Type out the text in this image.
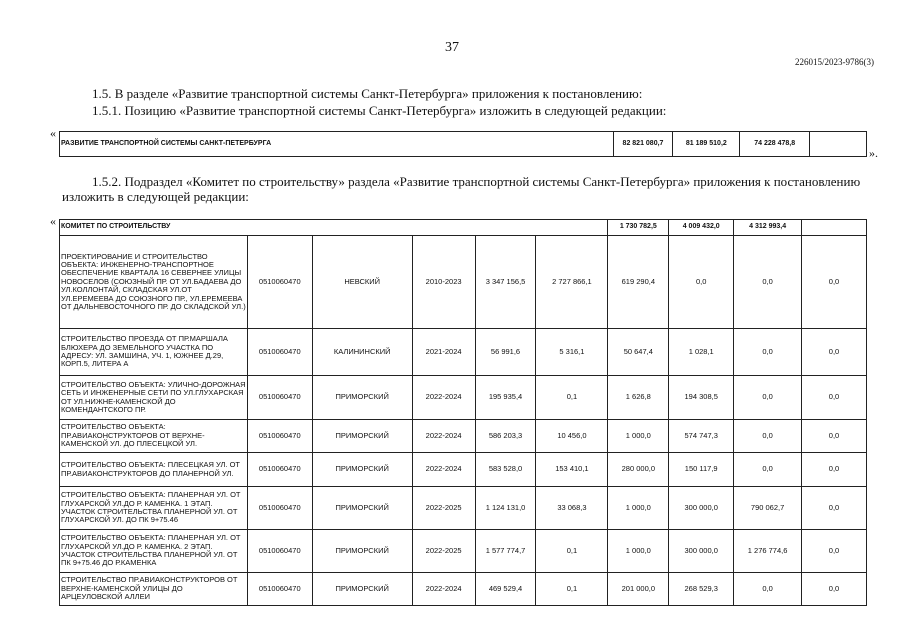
37
226015/2023-9786(3)
1.5. В разделе «Развитие транспортной системы Санкт-Петербурга» приложения к постановлению:
1.5.1. Позицию «Развитие транспортной системы Санкт-Петербурга» изложить в следующей редакции:
«
РАЗВИТИЕ ТРАНСПОРТНОЙ СИСТЕМЫ САНКТ-ПЕТЕРБУРГА	82 821 080,7	81 189 510,2	74 228 478,8	
».
1.5.2. Подраздел «Комитет по строительству» раздела «Развитие транспортной системы Санкт-Петербурга» приложения к постановлению
изложить в следующей редакции:
« КОМИТЕТ ПО СТРОИТЕЛЬСТВУ						1 730 782,5	4 009 432,0	4 312 993,4	
ПРОЕКТИРОВАНИЕ И СТРОИТЕЛЬСТВО ОБЪЕКТА: ИНЖЕНЕРНО-ТРАНСПОРТНОЕ ОБЕСПЕЧЕНИЕ КВАРТАЛА 16 СЕВЕРНЕЕ УЛИЦЫ НОВОСЕЛОВ (СОЮЗНЫЙ ПР. ОТ УЛ.БАДАЕВА ДО УЛ.КОЛЛОНТАЙ, СКЛАДСКАЯ УЛ.ОТ УЛ.ЕРЕМЕЕВА ДО СОЮЗНОГО ПР., УЛ.ЕРЕМЕЕВА ОТ ДАЛЬНЕВОСТОЧНОГО ПР. ДО СКЛАДСКОЙ УЛ.)	0510060470	НЕВСКИЙ	2010-2023	3 347 156,5	2 727 866,1	619 290,4	0,0	0,0	0,0
СТРОИТЕЛЬСТВО ПРОЕЗДА ОТ ПР.МАРШАЛА БЛЮХЕРА ДО ЗЕМЕЛЬНОГО УЧАСТКА ПО АДРЕСУ: УЛ. ЗАМШИНА, УЧ. 1, ЮЖНЕЕ Д.29, КОРП.5, ЛИТЕРА А	0510060470	КАЛИНИНСКИЙ	2021-2024	56 991,6	5 316,1	50 647,4	1 028,1	0,0	0,0
СТРОИТЕЛЬСТВО ОБЪЕКТА: УЛИЧНО-ДОРОЖНАЯ СЕТЬ И ИНЖЕНЕРНЫЕ СЕТИ ПО УЛ.ГЛУХАРСКАЯ ОТ УЛ.НИЖНЕ-КАМЕНСКОЙ ДО КОМЕНДАНТСКОГО ПР.	0510060470	ПРИМОРСКИЙ	2022-2024	195 935,4	0,1	1 626,8	194 308,5	0,0	0,0
СТРОИТЕЛЬСТВО ОБЪЕКТА: ПР.АВИАКОНСТРУКТОРОВ ОТ ВЕРХНЕ-КАМЕНСКОЙ УЛ. ДО ПЛЕСЕЦКОЙ УЛ.	0510060470	ПРИМОРСКИЙ	2022-2024	586 203,3	10 456,0	1 000,0	574 747,3	0,0	0,0
СТРОИТЕЛЬСТВО ОБЪЕКТА: ПЛЕСЕЦКАЯ УЛ. ОТ ПР.АВИАКОНСТРУКТОРОВ ДО ПЛАНЕРНОЙ УЛ.	0510060470	ПРИМОРСКИЙ	2022-2024	583 528,0	153 410,1	280 000,0	150 117,9	0,0	0,0
СТРОИТЕЛЬСТВО ОБЪЕКТА: ПЛАНЕРНАЯ УЛ. ОТ ГЛУХАРСКОЙ УЛ.ДО Р. КАМЕНКА. 1 ЭТАП. УЧАСТОК СТРОИТЕЛЬСТВА ПЛАНЕРНОЙ УЛ. ОТ ГЛУХАРСКОЙ УЛ. ДО ПК 9+75.46	0510060470	ПРИМОРСКИЙ	2022-2025	1 124 131,0	33 068,3	1 000,0	300 000,0	790 062,7	0,0
СТРОИТЕЛЬСТВО ОБЪЕКТА: ПЛАНЕРНАЯ УЛ. ОТ ГЛУХАРСКОЙ УЛ.ДО Р. КАМЕНКА. 2 ЭТАП. УЧАСТОК СТРОИТЕЛЬСТВА ПЛАНЕРНОЙ УЛ. ОТ ПК 9+75.46 ДО Р.КАМЕНКА	0510060470	ПРИМОРСКИЙ	2022-2025	1 577 774,7	0,1	1 000,0	300 000,0	1 276 774,6	0,0
СТРОИТЕЛЬСТВО ПР.АВИАКОНСТРУКТОРОВ ОТ ВЕРХНЕ-КАМЕНСКОЙ УЛИЦЫ ДО АРЦЕУЛОВСКОЙ АЛЛЕИ	0510060470	ПРИМОРСКИЙ	2022-2024	469 529,4	0,1	201 000,0	268 529,3	0,0	0,0
